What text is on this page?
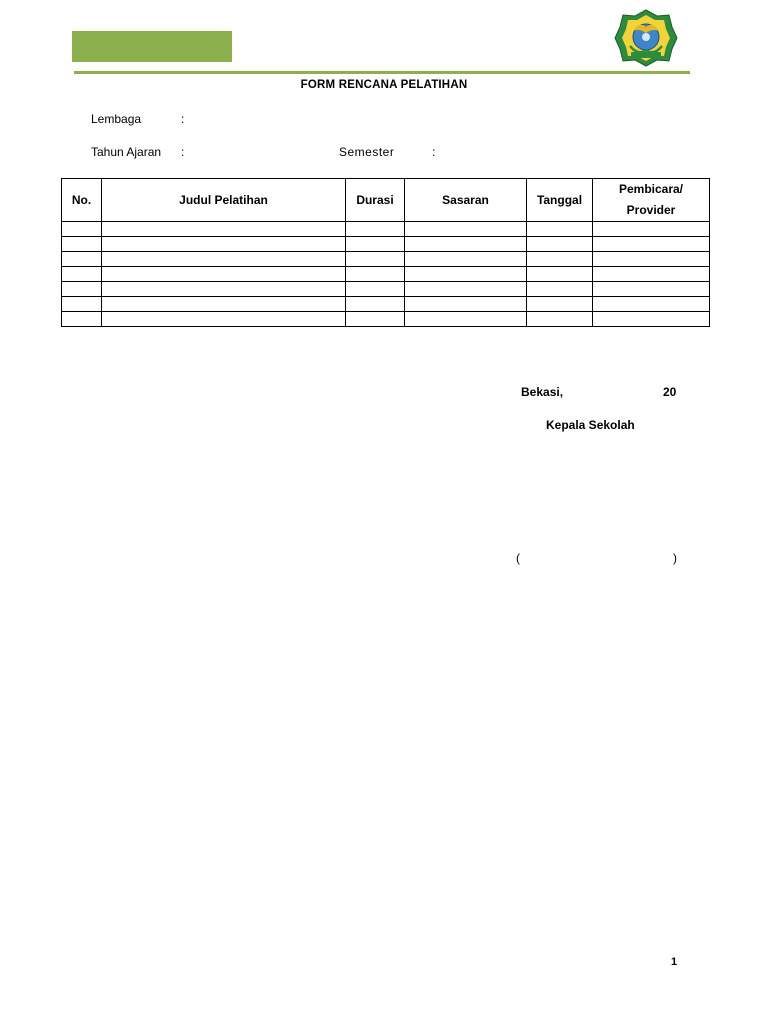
FORM RENCANA PELATIHAN
Lembaga	:
Tahun Ajaran :	Semester	:
No.	Judul Pelatihan	Durasi	Sasaran	Tanggal	Pembicara/
Provider

Bekasi,	20
Kepala Sekolah
(	)
1
